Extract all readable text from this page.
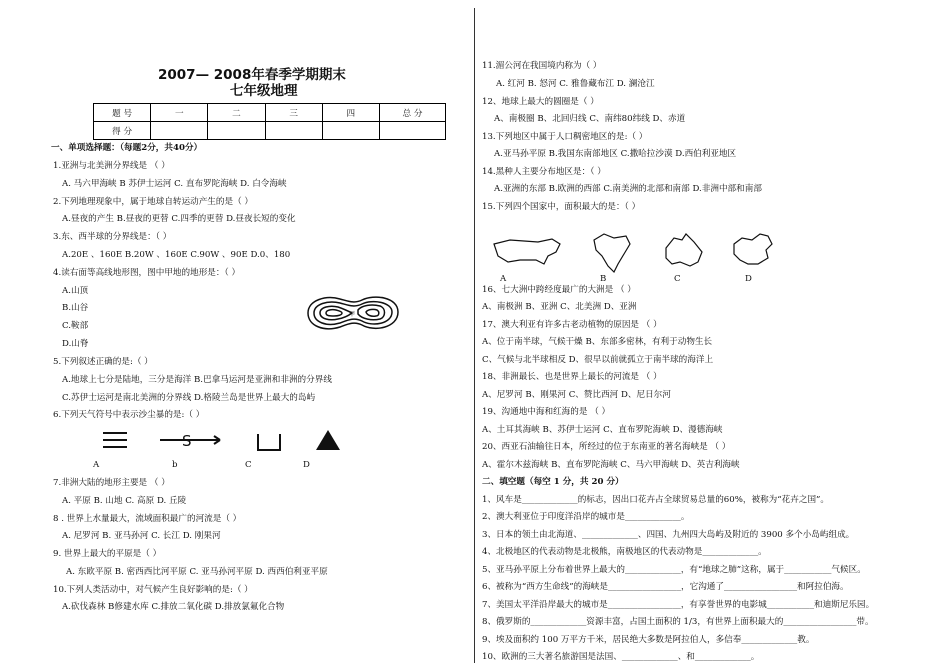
2007— 2008年春季学期期末
七年级地理
题 号	一	二	三	四	总 分
得 分					
一、单项选择题：（每题2分，共40分）
1.亚洲与北美洲分界线是 （ ）
A. 马六甲海峡 B 苏伊士运河 C. 直布罗陀海峡 D. 白令海峡
2.下列地理现象中，属于地球自转运动产生的是（ ）
A.昼夜的产生 B.昼夜的更替 C.四季的更替 D.昼夜长短的变化
3.东、西半球的分界线是：（ ）
A.20E 、160E B.20W 、160E C.90W 、90E D.0、180
4.读右面等高线地形图，图中甲地的地形是：（ ）
A.山顶
B.山谷
C.鞍部
D.山脊
甲
5.下列叙述正确的是:（ ）
A.地球上七分是陆地，三分是海洋 B.巴拿马运河是亚洲和非洲的分界线
C.苏伊士运河是南北美洲的分界线 D.格陵兰岛是世界上最大的岛屿
6.下列天气符号中表示沙尘暴的是:（ ）
S
A	b	C	D
7.非洲大陆的地形主要是 （ ）
A. 平原 B. 山地 C. 高原 D. 丘陵
8 . 世界上水量最大，流域面积最广的河流是（ ）
A. 尼罗河 B. 亚马孙河 C. 长江 D. 刚果河
9. 世界上最大的平原是（ ）
A. 东欧平原 B. 密西西比河平原 C. 亚马孙河平原 D. 西西伯利亚平原
10.下列人类活动中，对气候产生良好影响的是:（ ）
A.砍伐森林 B修建水库 C.排放二氧化碳 D.排放氯氟化合物
11.湄公河在我国境内称为（ ）
A. 红河 B. 怒河 C. 雅鲁藏布江 D. 澜沧江
12、地球上最大的圆圈是（ ）
A、南极圈 B、北回归线 C、南纬80纬线 D、赤道
13.下列地区中属于人口稠密地区的是:（ ）
A.亚马孙平原 B.我国东南部地区 C.撒哈拉沙漠 D.西伯利亚地区
14.黑种人主要分布地区是：（ ）
A.亚洲的东部 B.欧洲的西部 C.南美洲的北部和南部 D.非洲中部和南部
15.下列四个国家中，面积最大的是：（ ）
A	B	C	D
16、七大洲中跨经度最广的大洲是 （ ）
A、南极洲 B、亚洲 C、北美洲 D、亚洲
17、澳大利亚有许多古老动植物的原因是 （ ）
A、位于南半球，气候干燥 B、东部多密林，有利于动物生长
C、气候与北半球相反 D、很早以前就孤立于南半球的海洋上
18、非洲最长、也是世界上最长的河流是 （ ）
A、尼罗河 B、刚果河 C、赞比西河 D、尼日尔河
19、沟通地中海和红海的是 （ ）
A、土耳其海峡 B、苏伊士运河 C、直布罗陀海峡 D、漫德海峡
20、西亚石油输往日本，所经过的位于东南亚的著名海峡是 （ ）
A、霍尔木兹海峡 B、直布罗陀海峡 C、马六甲海峡 D、英吉利海峡
二、填空题（每空 1 分，共 20 分）
1、风车是_____________的标志，因出口花卉占全球贸易总量的60%，被称为“花卉之国”。
2、澳大利亚位于印度洋沿岸的城市是_____________。
3、日本的领土由北海道、_____________、四国、九州四大岛屿及附近的 3900 多个小岛屿组成。
4、北极地区的代表动物是北极熊，南极地区的代表动物是_____________。
5、亚马孙平原上分布着世界上最大的_____________，有“地球之肺”这称，属于___________气候区。
6、被称为“西方生命线”的海峡是_________________，它沟通了_________________和阿拉伯海。
7、美国太平洋沿岸最大的城市是_________________，有享誉世界的电影城___________和迪斯尼乐园。
8、俄罗斯的_____________资源丰富，占国土面积的 1/3，有世界上面积最大的_________________带。
9、埃及面积约 100 万平方千米，居民绝大多数是阿拉伯人，多信奉_____________教。
10、欧洲的三大著名旅游国是法国、_____________、和_____________。
